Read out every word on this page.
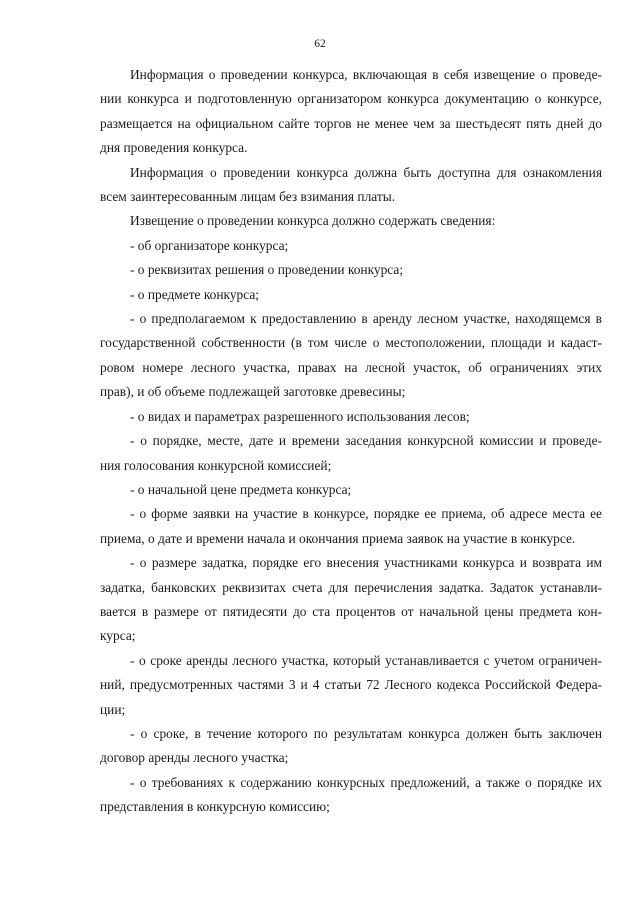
62
Информация о проведении конкурса, включающая в себя извещение о проведе-
нии конкурса и подготовленную организатором конкурса документацию о конкурсе,
размещается на официальном сайте торгов не менее чем за шестьдесят пять дней до
дня проведения конкурса.
Информация о проведении конкурса должна быть доступна для ознакомления
всем заинтересованным лицам без взимания платы.
Извещение о проведении конкурса должно содержать сведения:
- об организаторе конкурса;
- о реквизитах решения о проведении конкурса;
- о предмете конкурса;
- о предполагаемом к предоставлению в аренду лесном участке, находящемся в
государственной собственности (в том числе о местоположении, площади и кадаст-
ровом номере лесного участка, правах на лесной участок, об ограничениях этих
прав), и об объеме подлежащей заготовке древесины;
- о видах и параметрах разрешенного использования лесов;
- о порядке, месте, дате и времени заседания конкурсной комиссии и проведе-
ния голосования конкурсной комиссией;
- о начальной цене предмета конкурса;
- о форме заявки на участие в конкурсе, порядке ее приема, об адресе места ее
приема, о дате и времени начала и окончания приема заявок на участие в конкурсе.
- о размере задатка, порядке его внесения участниками конкурса и возврата им
задатка, банковских реквизитах счета для перечисления задатка. Задаток устанавли-
вается в размере от пятидесяти до ста процентов от начальной цены предмета кон-
курса;
- о сроке аренды лесного участка, который устанавливается с учетом ограничен-
ний, предусмотренных частями 3 и 4 статьи 72 Лесного кодекса Российской Федера-
ции;
- о сроке, в течение которого по результатам конкурса должен быть заключен
договор аренды лесного участка;
- о требованиях к содержанию конкурсных предложений, а также о порядке их
представления в конкурсную комиссию;
